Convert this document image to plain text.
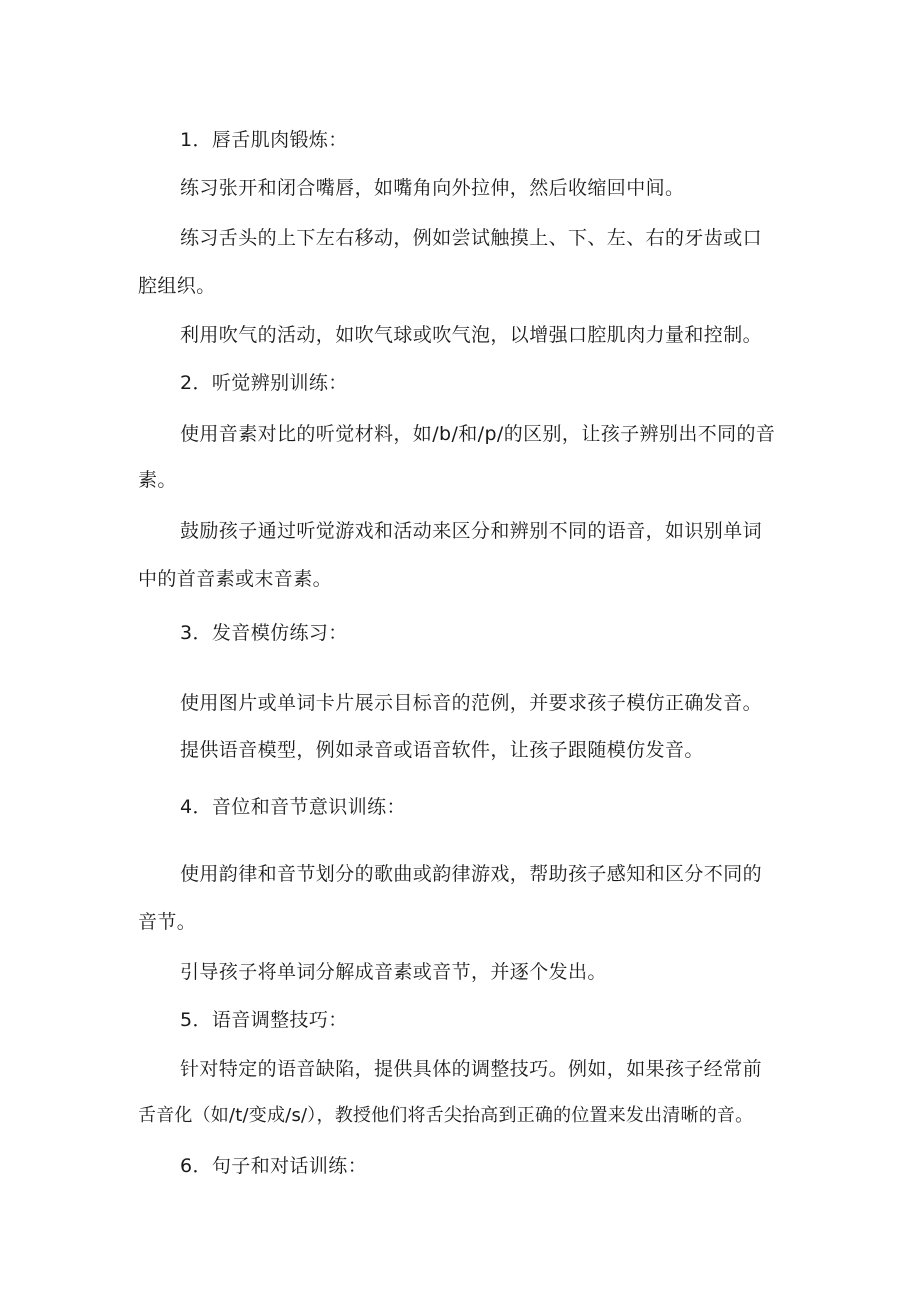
1．唇舌肌肉锻炼：
练习张开和闭合嘴唇，如嘴角向外拉伸，然后收缩回中间。
练习舌头的上下左右移动，例如尝试触摸上、下、左、右的牙齿或口
腔组织。
利用吹气的活动，如吹气球或吹气泡，以增强口腔肌肉力量和控制。
2．听觉辨别训练：
使用音素对比的听觉材料，如/b/和/p/的区别，让孩子辨别出不同的音
素。
鼓励孩子通过听觉游戏和活动来区分和辨别不同的语音，如识别单词
中的首音素或末音素。
3．发音模仿练习：
使用图片或单词卡片展示目标音的范例，并要求孩子模仿正确发音。
提供语音模型，例如录音或语音软件，让孩子跟随模仿发音。
4．音位和音节意识训练：
使用韵律和音节划分的歌曲或韵律游戏，帮助孩子感知和区分不同的
音节。
引导孩子将单词分解成音素或音节，并逐个发出。
5．语音调整技巧：
针对特定的语音缺陷，提供具体的调整技巧。例如，如果孩子经常前
舌音化（如/t/变成/s/），教授他们将舌尖抬高到正确的位置来发出清晰的音。
6．句子和对话训练：
